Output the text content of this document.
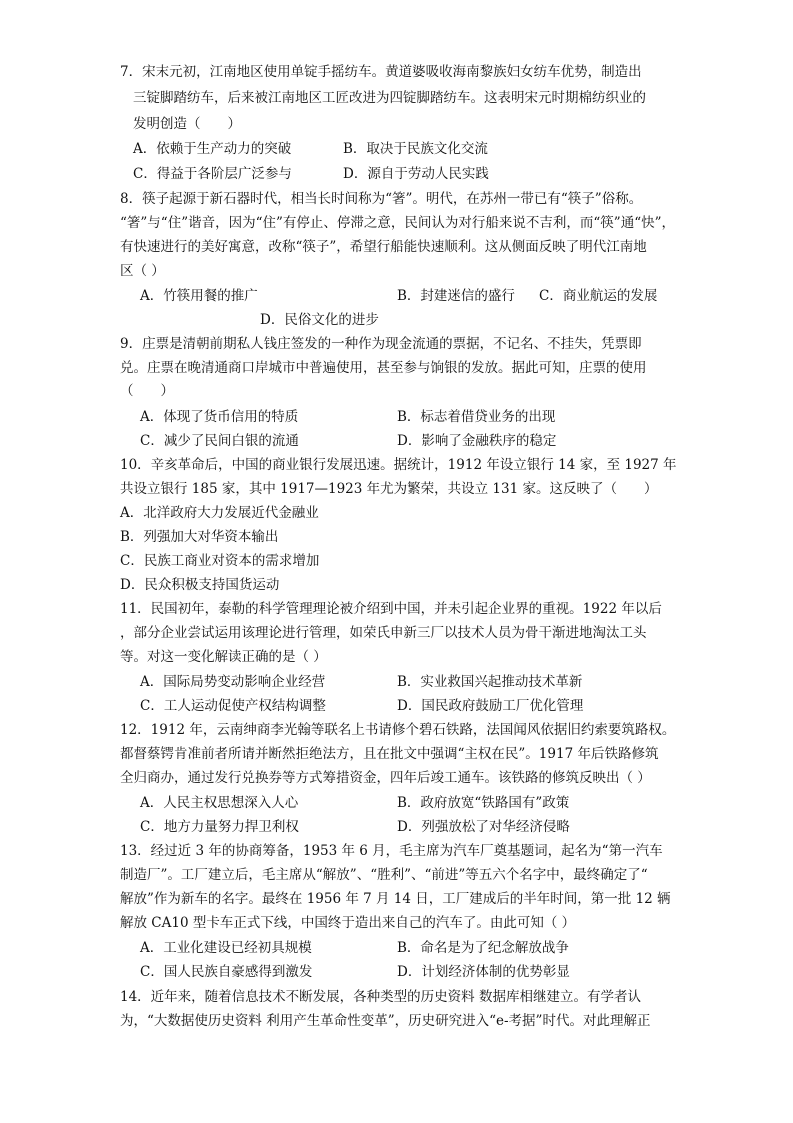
7．宋末元初，江南地区使用单锭手摇纺车。黄道婆吸收海南黎族妇女纺车优势，制造出
三锭脚踏纺车，后来被江南地区工匠改进为四锭脚踏纺车。这表明宋元时期棉纺织业的
发明创造（　　）
A．依赖于生产动力的突破	B．取决于民族文化交流
C．得益于各阶层广泛参与	D．源自于劳动人民实践
8．筷子起源于新石器时代，相当长时间称为“箸”。明代，在苏州一带已有“筷子”俗称。
“箸”与“住”谐音，因为“住”有停止、停滞之意，民间认为对行船来说不吉利，而“筷”通“快”，
有快速进行的美好寓意，改称“筷子”，希望行船能快速顺利。这从侧面反映了明代江南地
区（ ）
A．竹筷用餐的推广	B．封建迷信的盛行 C．商业航运的发展
D．民俗文化的进步
9．庄票是清朝前期私人钱庄签发的一种作为现金流通的票据，不记名、不挂失，凭票即
兑。庄票在晚清通商口岸城市中普遍使用，甚至参与饷银的发放。据此可知，庄票的使用
（　　）
A．体现了货币信用的特质	B．标志着借贷业务的出现
C．减少了民间白银的流通	D．影响了金融秩序的稳定
10．辛亥革命后，中国的商业银行发展迅速。据统计，1912 年设立银行 14 家，至 1927 年
共设立银行 185 家，其中 1917—1923 年尤为繁荣，共设立 131 家。这反映了（　　）
A．北洋政府大力发展近代金融业
B．列强加大对华资本输出
C．民族工商业对资本的需求增加
D．民众积极支持国货运动
11．民国初年，泰勒的科学管理理论被介绍到中国，并未引起企业界的重视。1922 年以后
，部分企业尝试运用该理论进行管理，如荣氏申新三厂以技术人员为骨干渐进地淘汰工头
等。对这一变化解读正确的是（ ）
A．国际局势变动影响企业经营	B．实业救国兴起推动技术革新
C．工人运动促使产权结构调整	D．国民政府鼓励工厂优化管理
12．1912 年，云南绅商李光翰等联名上书请修个碧石铁路，法国闻风依据旧约索要筑路权。
都督蔡锷肯准前者所请并断然拒绝法方，且在批文中强调“主权在民”。1917 年后铁路修筑
全归商办，通过发行兑换券等方式筹措资金，四年后竣工通车。该铁路的修筑反映出（ ）
A．人民主权思想深入人心	B．政府放宽“铁路国有”政策
C．地方力量努力捍卫利权	D．列强放松了对华经济侵略
13．经过近 3 年的协商筹备，1953 年 6 月，毛主席为汽车厂奠基题词，起名为“第一汽车
制造厂”。工厂建立后，毛主席从“解放”、“胜利”、“前进”等五六个名字中，最终确定了“
解放”作为新车的名字。最终在 1956 年 7 月 14 日，工厂建成后的半年时间，第一批 12 辆
解放 CA10 型卡车正式下线，中国终于造出来自己的汽车了。由此可知（ ）
A．工业化建设已经初具规模	B．命名是为了纪念解放战争
C．国人民族自豪感得到激发	D．计划经济体制的优势彰显
14．近年来，随着信息技术不断发展，各种类型的历史资料 数据库相继建立。有学者认
为，“大数据使历史资料 利用产生革命性变革”，历史研究进入“e-考据”时代。对此理解正
